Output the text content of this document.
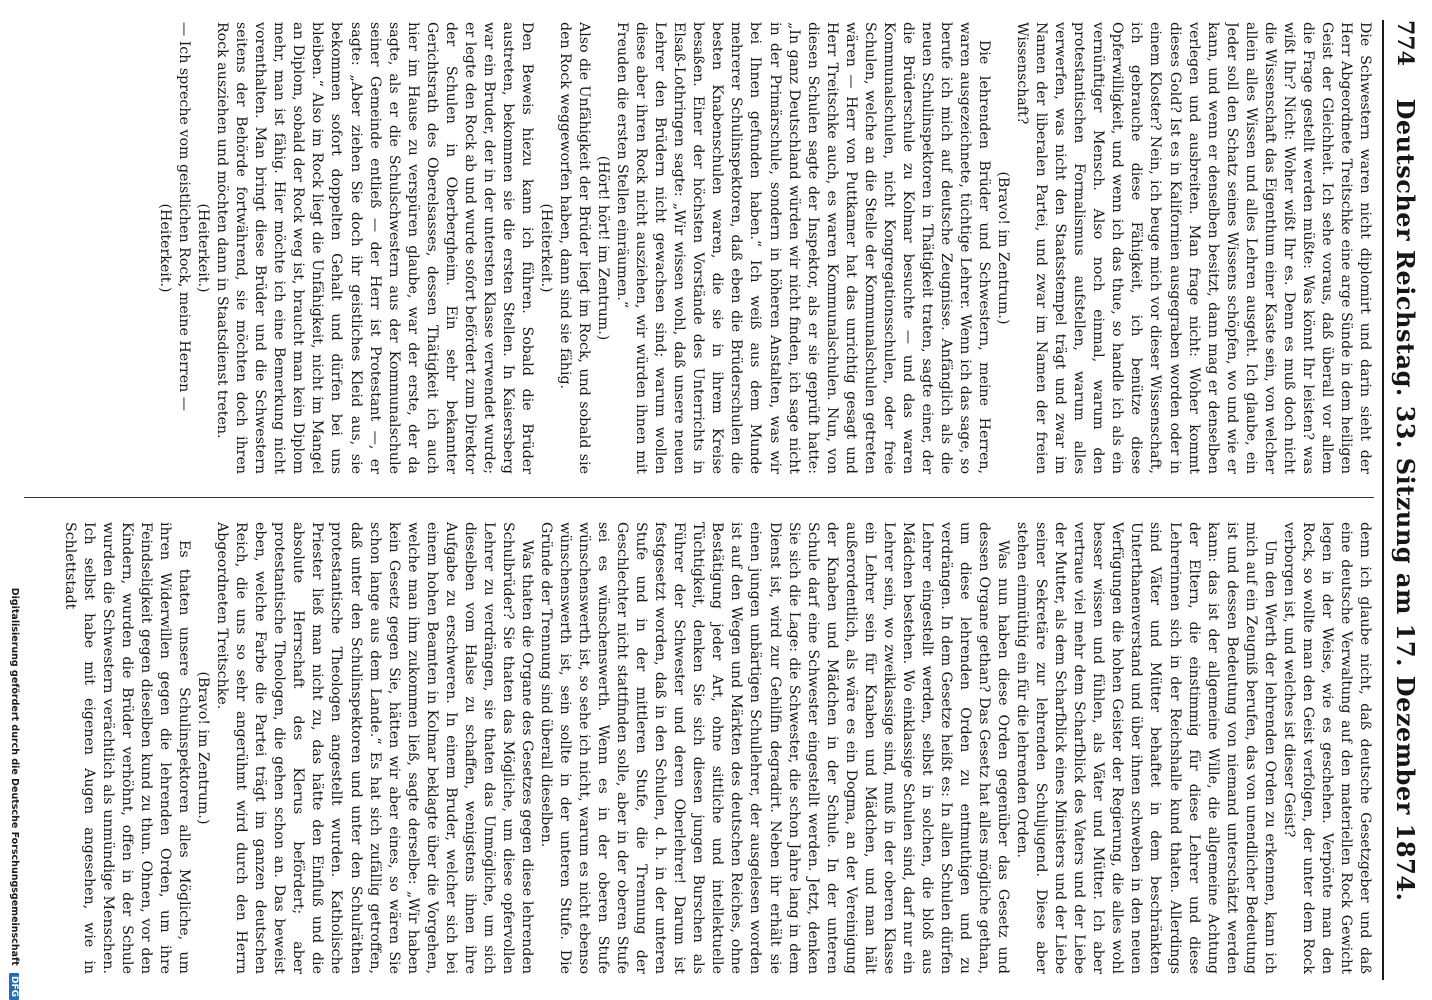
774
Deutscher Reichstag. 33. Sitzung am 17. Dezember 1874.

Die Schwestern waren nicht diplomirt und darin sieht der Herr Abgeordnete Treitschke eine arge Sünde in dem heiligen Geist der Gleichheit. Ich sehe voraus, daß überall vor allem die Frage gestellt werden müßte: Was könnt Ihr leisten? was wißt Ihr? Nicht: Woher wißt Ihr es. Denn es muß doch nicht die Wissenschaft das Eigenthum einer Kaste sein, von welcher allein alles Wissen und alles Lehren ausgeht. Ich glaube, ein Jeder soll den Schatz seines Wissens schöpfen, wo und wie er kann, und wenn er denselben besitzt, dann mag er denselben verlegen und ausbreiten. Man frage nicht: Woher kommt dieses Gold? Ist es in Kalifornien ausgegraben worden oder in einem Kloster? Nein, ich beuge mich vor dieser Wissenschaft, ich gebrauche diese Fähigkeit, ich benütze diese Opferwilligkeit, und wenn ich das thue, so handle ich als ein vernünftiger Mensch. Also noch einmal, warum den protestantischen Formalismus aufstellen, warum alles verwerfen, was nicht den Staatsstempel trägt und zwar im Namen der liberalen Partei, und zwar im Namen der freien Wissenschaft?

(Bravo! im Zentrum.)

Die lehrenden Brüder und Schwestern, meine Herren, waren ausgezeichnete, tüchtige Lehrer. Wenn ich das sage, so berufe ich mich auf deutsche Zeugnisse. Anfänglich als die neuen Schulinspektoren in Thätigkeit traten, sagte einer, der die Brüderschule zu Kolmar besuchte — und das waren Kommunalschulen, nicht Kongregationsschulen, oder freie Schulen, welche an die Stelle der Kommunalschulen getreten wären — Herr von Puttkamer hat das unrichtig gesagt und Herr Treitschke auch, es waren Kommunalschulen. Nun, von diesen Schulen sagte der Inspektor, als er sie geprüft hatte: „In ganz Deutschland würden wir nicht finden, ich sage nicht in der Primärschule, sondern in höheren Anstalten, was wir bei Ihnen gefunden haben.“ Ich weiß aus dem Munde mehrerer Schulinspektoren, daß eben die Brüderschulen die besten Knabenschulen waren, die sie in ihrem Kreise besaßen. Einer der höchsten Vorstände des Unterrichts in Elsaß-Lothringen sagte: „Wir wissen wohl, daß unsere neuen Lehrer den Brüdern nicht gewachsen sind; warum wollen diese aber ihren Rock nicht ausziehen, wir würden ihnen mit Freuden die ersten Stellen einräumen.“

(Hört! hört! im Zentrum.)

Also die Unfähigkeit der Brüder liegt im Rock, und sobald sie den Rock weggeworfen haben, dann sind sie fähig.

(Heiterkeit.)

Den Beweis hiezu kann ich führen. Sobald die Brüder austreten, bekommen sie die ersten Stellen. In Kaisersberg war ein Bruder, der in der untersten Klasse verwendet wurde; er legte den Rock ab und wurde sofort befördert zum Direktor der Schulen in Oberbergheim. Ein sehr bekannter Gerichtsrath des Oberelsasses, dessen Thätigkeit ich auch hier im Hause zu verspüren glaube, war der erste, der da sagte, als er die Schulschwestern aus der Kommunalschule seiner Gemeinde entließ — der Herr ist Protestant —, er sagte: „Aber ziehen Sie doch ihr geistliches Kleid aus, sie bekommen sofort doppelten Gehalt und dürfen bei uns bleiben.“ Also im Rock liegt die Unfähigkeit, nicht im Mangel an Diplom, sobald der Rock weg ist, braucht man kein Diplom mehr, man ist fähig. Hier möchte ich eine Bemerkung nicht vorenthalten. Man bringt diese Brüder und die Schwestern seitens der Behörde fortwährend, sie möchten doch ihren Rock ausziehen und möchten dann in Staatsdienst treten.

(Heiterkeit.)

— Ich spreche vom geistlichen Rock, meine Herren —

(Heiterkeit.)

denn ich glaube nicht, daß deutsche Gesetzgeber und daß eine deutsche Verwaltung auf den materiellen Rock Gewicht legen in der Weise, wie es geschehen. Verpönte man den Rock, so wollte man den Geist verfolgen, der unter dem Rock verborgen ist, und welches ist dieser Geist?

Um den Werth der lehrenden Orden zu erkennen, kann ich mich auf ein Zeugniß berufen, das von unendlicher Bedeutung ist und dessen Bedeutung von niemand unterschätzt werden kann: das ist der allgemeine Wille, die allgemeine Achtung der Eltern, die einstimmig für diese Lehrer und diese Lehrerinnen sich in der Reichshalle kund thaten. Allerdings sind Väter und Mütter behaftet in dem beschränkten Unterthanenverstand und über ihnen schweben in den neuen Verfügungen die hohen Geister der Regierung, die alles wohl besser wissen und fühlen, als Väter und Mütter. Ich aber vertraue viel mehr dem Scharfblick des Vaters und der Liebe der Mutter, als dem Scharfblick eines Ministers und der Liebe seiner Sekretäre zur lehrenden Schuljugend. Diese aber stehen einmüthig ein für die lehrenden Orden.

Was nun haben diese Orden gegenüber das Gesetz und dessen Organe gethan? Das Gesetz hat alles mögliche gethan, um diese lehrenden Orden zu entmuthigen und zu verdrängen. In dem Gesetze heißt es: In allen Schulen dürfen Lehrer eingestellt werden, selbst in solchen, die bloß aus Mädchen bestehen. Wo einklassige Schulen sind, darf nur ein Lehrer sein, wo zweiklassige sind, muß in der oberen Klasse ein Lehrer sein für Knaben und Mädchen, und man hält außerordentlich, als wäre es ein Dogma, an der Vereinigung der Knaben und Mädchen in der Schule. In der unteren Schule darf eine Schwester eingestellt werden. Jetzt, denken Sie sich die Lage: die Schwester, die schon Jahre lang in dem Dienst ist, wird zur Gehilfin degradirt. Neben ihr erhält sie einen jungen unbärtigen Schullehrer, der ausgelesen worden ist auf den Wegen und Märkten des deutschen Reiches, ohne Bestätigung jeder Art, ohne sittliche und intellektuelle Tüchtigkeit, denken Sie sich diesen jungen Burschen als Führer der Schwester und deren Oberlehrer! Darum ist festgesetzt worden, daß in den Schulen, d. h. in der unteren Stufe und in der mittleren Stufe, die Trennung der Geschlechter nicht stattfinden solle, aber in der oberen Stufe sei es wünschenswerth. Wenn es in der oberen Stufe wünschenswerth ist, so sehe ich nicht, warum es nicht ebenso wünschenswerth ist, sein sollte in der unteren Stufe. Die Gründe der Trennung sind überall dieselben.

Was thaten die Organe des Gesetzes gegen diese lehrenden Schulbrüder? Sie thaten das Mögliche, um diese opfervollen Lehrer zu verdrängen, sie thaten das Unmögliche, um sich dieselben vom Halse zu schaffen, wenigstens ihnen ihre Aufgabe zu erschweren. In einem Bruder, welcher sich bei einem hohen Beamten in Kolmar beklagte über die Vorgehen, welche man ihm zukommen ließ, sagte derselbe: „Wir haben kein Gesetz gegen Sie, hätten wir aber eines, so wären Sie schon lange aus dem Lande.“ Es hat sich zufällig getroffen, daß unter den Schulinspektoren und unter den Schulräthen protestantische Theologen angestellt wurden. Katholische Priester ließ man nicht zu, das hätte den Einfluß und die absolute Herrschaft des Klerus befördert; aber protestantische Theologen, die gehen schon an. Das beweist eben, welche Farbe die Partei trägt im ganzen deutschen Reich, die uns so sehr angerühmt wird durch den Herrn Abgeordneten Treitschke.

(Bravo! im Zentrum.)

Es thaten unsere Schulinspektoren alles Mögliche, um ihren Widerwillen gegen die lehrenden Orden, um ihre Feindseligkeit gegen dieselben kund zu thun. Ohnen, vor den Kindern, wurden die Brüder verhöhnt, offen in der Schule wurden die Schwestern verächtlich als unmündige Menschen. Ich selbst habe mit eigenen Augen angesehen, wie in Schlettstadt

Digitalisierung gefördert durch die Deutsche Forschungsgemeinschaft DFG
